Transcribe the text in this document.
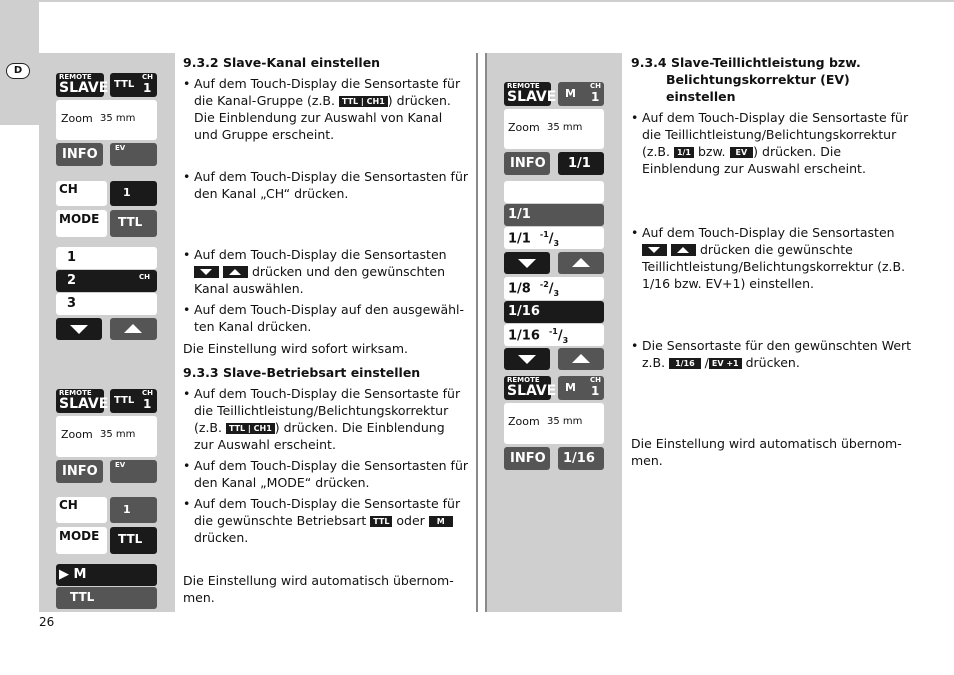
D
26
REMOTE
SLAVE TTL
CH
1
Zoom 35 mm
INFO EV
CH	1
MODE TTL
1
2	CH
3
REMOTE
SLAVE TTL
CH
1
Zoom 35 mm
INFO EV
CH	1
MODE TTL
▶ M
TTL

9.3.2 Slave-Kanal einstellen

• Auf dem Touch-Display die Sensortaste für die Kanal-Gruppe (z.B. TTL | CH1 ) drücken. Die Einblendung zur Auswahl von Kanal und Gruppe erscheint.

• Auf dem Touch-Display die Sensortasten für den Kanal „CH“ drücken.

• Auf dem Touch-Display die Sensortasten

drücken und den gewünschten Kanal auswählen.

• Auf dem Touch-Display auf den ausgewähl-ten Kanal drücken.

Die Einstellung wird sofort wirksam.

9.3.3 Slave-Betriebsart einstellen

• Auf dem Touch-Display die Sensortaste für die Teillichtleistung/Belichtungskorrektur (z.B. TTL | CH1 ) drücken. Die Einblendung zur Auswahl erscheint.

• Auf dem Touch-Display die Sensortasten für den Kanal „MODE“ drücken.

• Auf dem Touch-Display die Sensortaste für die gewünschte Betriebsart TTL oder M drücken.

Die Einstellung wird automatisch übernom-men.

REMOTE
SLAVE M
CH
1
Zoom 35 mm
INFO 1/1
1/1
1/1 $^{-1}/_3$
1/8 $^{-2}/_3$
1/16
1/16 $^{-1}/_3$
REMOTE
SLAVE M
CH
1
Zoom 35 mm
INFO 1/16

9.3.4 Slave-Teillichtleistung bzw.

Belichtungskorrektur (EV) einstellen

• Auf dem Touch-Display die Sensortaste für die Teillichtleistung/Belichtungskorrektur (z.B. 1/1 bzw. EV ) drücken. Die Einblendung zur Auswahl erscheint.

• Auf dem Touch-Display die Sensortasten

drücken die gewünschte Teillichtleistung/Belichtungskorrektur (z.B. 1/16 bzw. EV+1) einstellen.

• Die Sensortaste für den gewünschten Wert z.B. 1/16 / EV +1 drücken.

Die Einstellung wird automatisch übernom-men.
